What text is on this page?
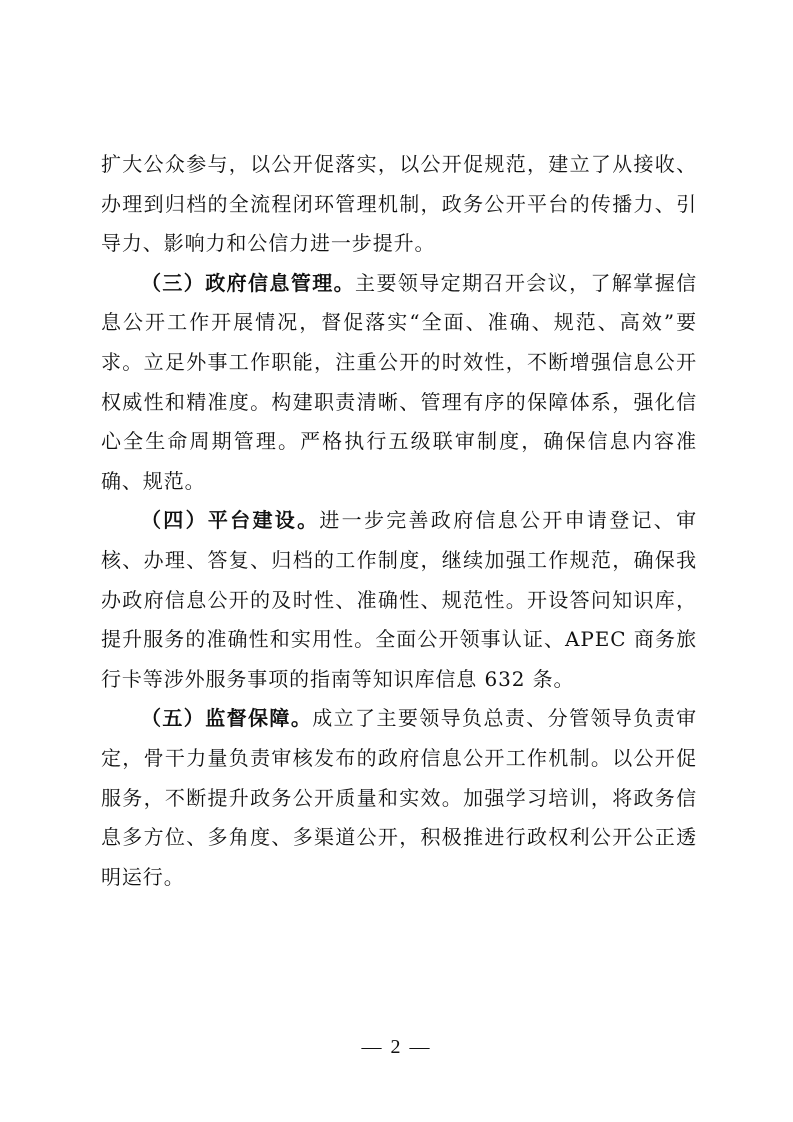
扩大公众参与，以公开促落实，以公开促规范，建立了从接收、办理到归档的全流程闭环管理机制，政务公开平台的传播力、引导力、影响力和公信力进一步提升。

（三）政府信息管理。主要领导定期召开会议，了解掌握信息公开工作开展情况，督促落实“全面、准确、规范、高效”要求。立足外事工作职能，注重公开的时效性，不断增强信息公开权威性和精准度。构建职责清晰、管理有序的保障体系，强化信心全生命周期管理。严格执行五级联审制度，确保信息内容准确、规范。

（四）平台建设。进一步完善政府信息公开申请登记、审核、办理、答复、归档的工作制度，继续加强工作规范，确保我办政府信息公开的及时性、准确性、规范性。开设答问知识库，提升服务的准确性和实用性。全面公开领事认证、APEC 商务旅行卡等涉外服务事项的指南等知识库信息 632 条。

（五）监督保障。成立了主要领导负总责、分管领导负责审定，骨干力量负责审核发布的政府信息公开工作机制。以公开促服务，不断提升政务公开质量和实效。加强学习培训，将政务信息多方位、多角度、多渠道公开，积极推进行政权利公开公正透明运行。

— 2 —
